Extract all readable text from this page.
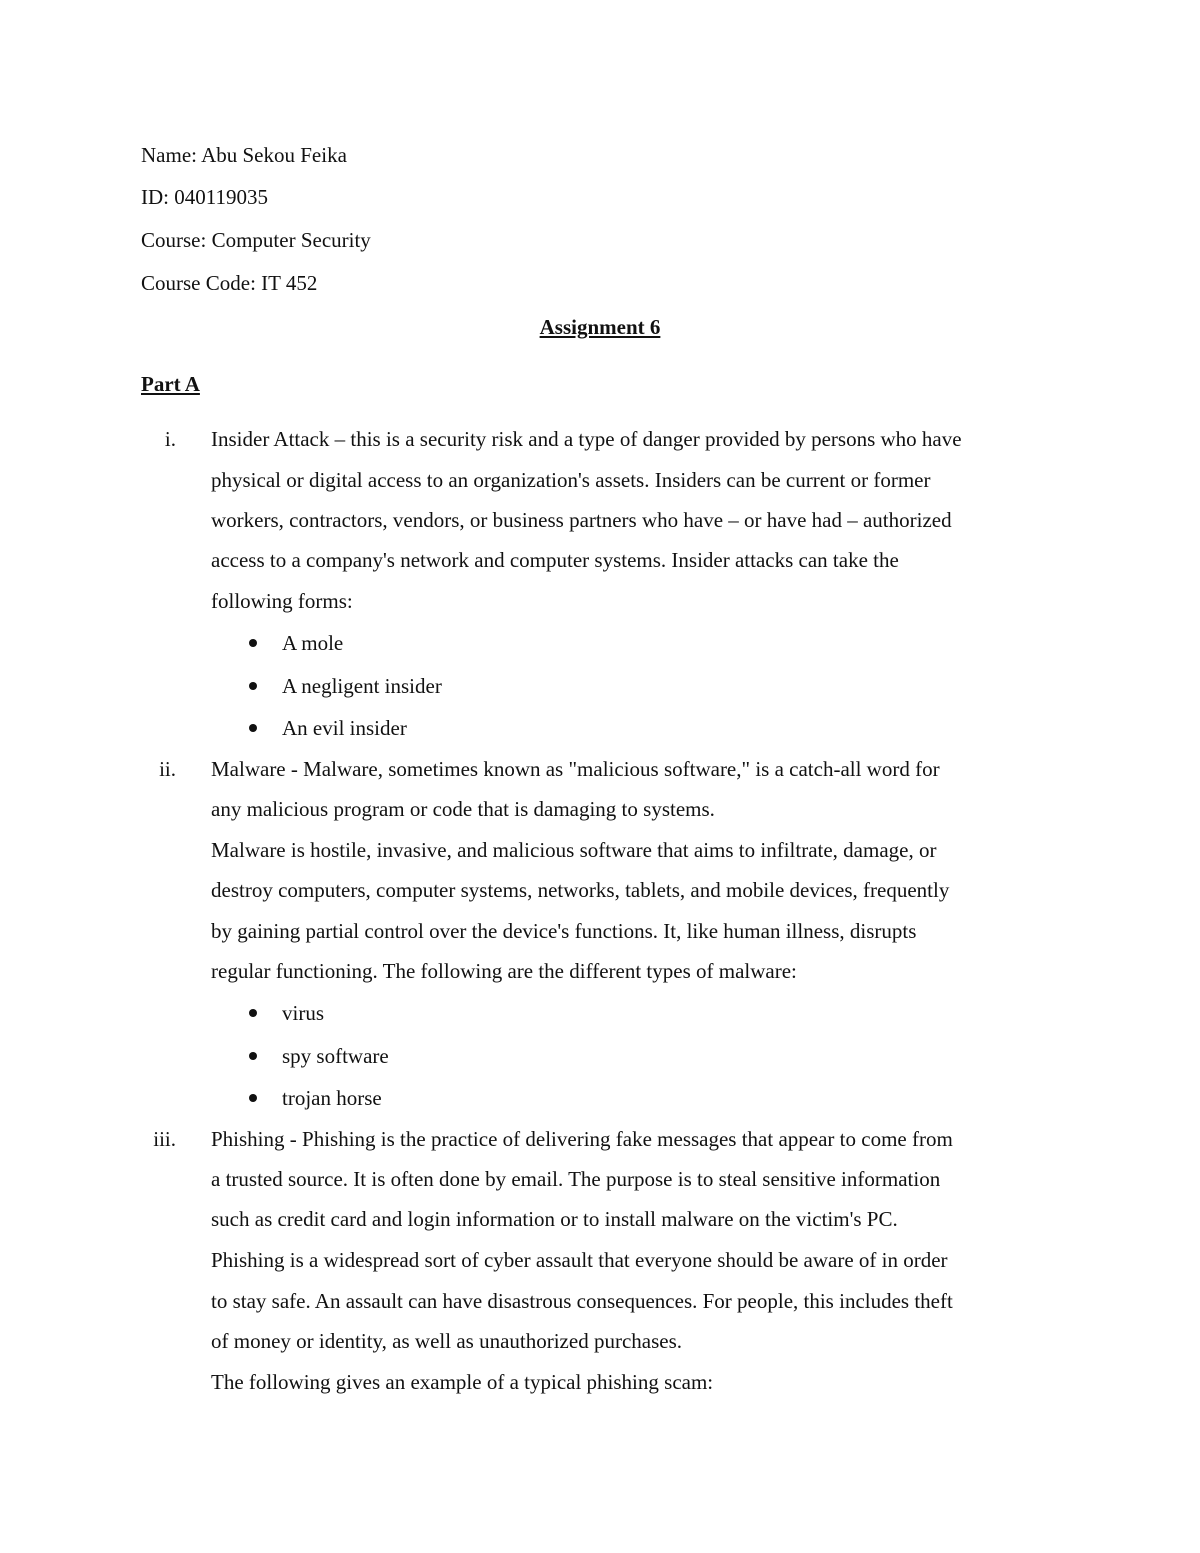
Name: Abu Sekou Feika
ID: 040119035
Course: Computer Security
Course Code: IT 452
Assignment 6
Part A
i. Insider Attack – this is a security risk and a type of danger provided by persons who have
physical or digital access to an organization's assets. Insiders can be current or former
workers, contractors, vendors, or business partners who have – or have had – authorized
access to a company's network and computer systems. Insider attacks can take the
following forms:
A mole
A negligent insider
An evil insider
ii. Malware - Malware, sometimes known as "malicious software," is a catch-all word for
any malicious program or code that is damaging to systems.
Malware is hostile, invasive, and malicious software that aims to infiltrate, damage, or
destroy computers, computer systems, networks, tablets, and mobile devices, frequently
by gaining partial control over the device's functions. It, like human illness, disrupts
regular functioning. The following are the different types of malware:
virus
spy software
trojan horse
iii. Phishing - Phishing is the practice of delivering fake messages that appear to come from
a trusted source. It is often done by email. The purpose is to steal sensitive information
such as credit card and login information or to install malware on the victim's PC.
Phishing is a widespread sort of cyber assault that everyone should be aware of in order
to stay safe. An assault can have disastrous consequences. For people, this includes theft
of money or identity, as well as unauthorized purchases.
The following gives an example of a typical phishing scam:
